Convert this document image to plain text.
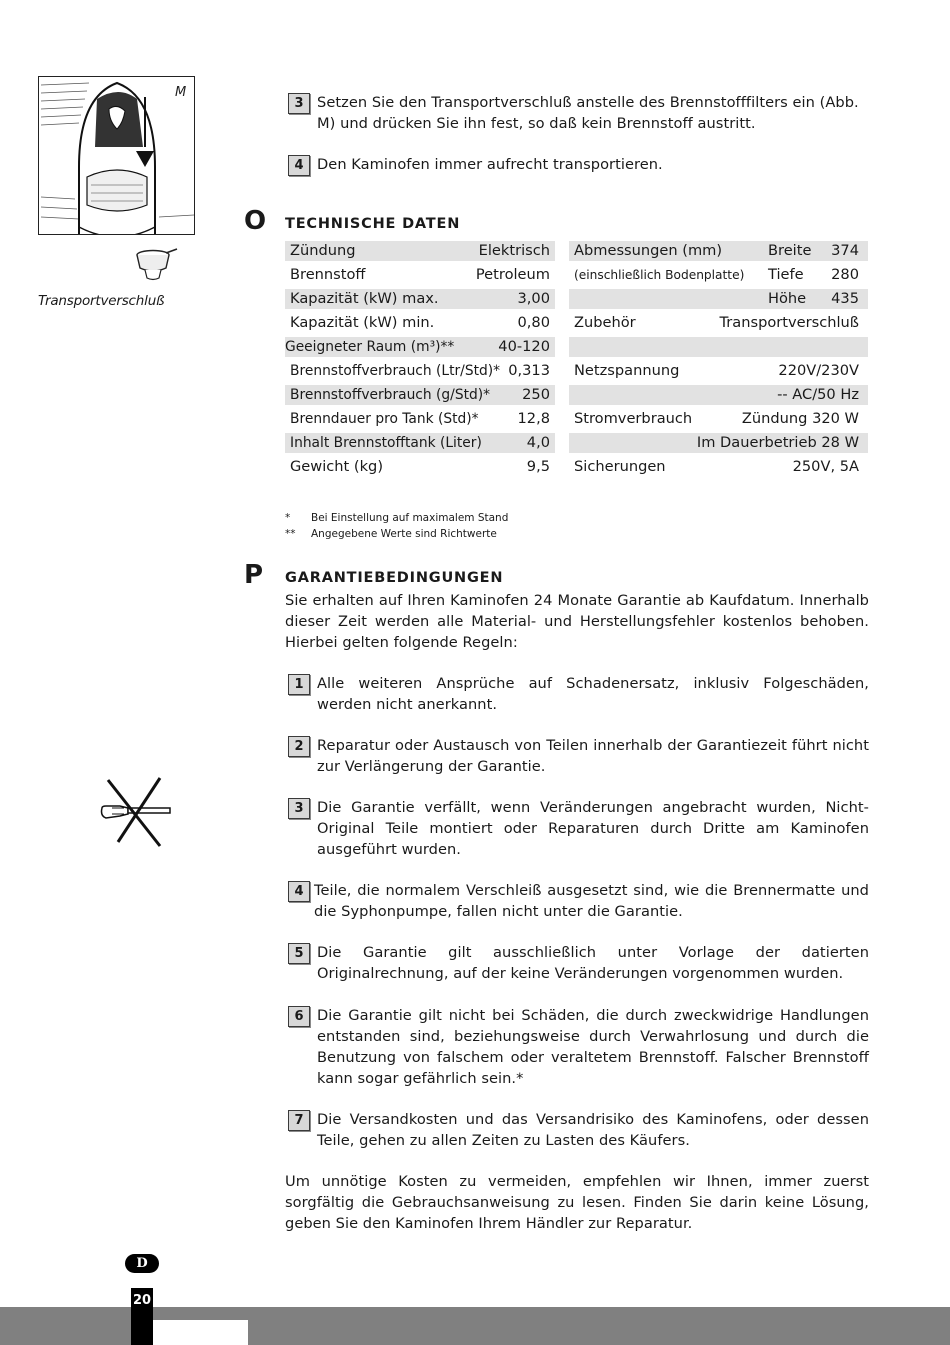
M
Transportverschluß
3 Setzen Sie den Transportverschluß anstelle des Brennstofffilters ein (Abb. M) und drücken Sie ihn fest, so daß kein Brennstoff austritt.
4 Den Kaminofen immer aufrecht transportieren.
O TECHNISCHE DATEN
Zündung	Elektrisch
Brennstoff	Petroleum
Kapazität (kW) max.	3,00
Kapazität (kW) min.	0,80
Geeigneter Raum (m³)**	40-120
Brennstoffverbrauch (Ltr/Std)* 0,313
Brennstoffverbrauch (g/Std)* 250
Brenndauer pro Tank (Std)*	12,8
Inhalt Brennstofftank (Liter)	4,0
Gewicht (kg)	9,5
Abmessungen (mm)	Breite 374
(einschließlich Bodenplatte) Tiefe 280
Höhe 435
Zubehör	Transportverschluß
Netzspannung	220V/230V
-- AC/50 Hz
Stromverbrauch	Zündung 320 W
Im Dauerbetrieb 28 W
Sicherungen	250V, 5A
* Bei Einstellung auf maximalem Stand
** Angegebene Werte sind Richtwerte
P GARANTIEBEDINGUNGEN
Sie erhalten auf Ihren Kaminofen 24 Monate Garantie ab Kaufdatum. Innerhalb dieser Zeit werden alle Material- und Herstellungsfehler kostenlos behoben. Hierbei gelten folgende Regeln:
1 Alle weiteren Ansprüche auf Schadenersatz, inklusiv Folgeschäden, werden nicht anerkannt.
2 Reparatur oder Austausch von Teilen innerhalb der Garantiezeit führt nicht zur Verlängerung der Garantie.
3 Die Garantie verfällt, wenn Veränderungen angebracht wurden, Nicht-Original Teile montiert oder Reparaturen durch Dritte am Kaminofen ausgeführt wurden.
4 Teile, die normalem Verschleiß ausgesetzt sind, wie die Brennermatte und die Syphonpumpe, fallen nicht unter die Garantie.
5 Die Garantie gilt ausschließlich unter Vorlage der datierten Originalrechnung, auf der keine Veränderungen vorgenommen wurden.
6 Die Garantie gilt nicht bei Schäden, die durch zweckwidrige Handlungen entstanden sind, beziehungsweise durch Verwahrlosung und durch die Benutzung von falschem oder veraltetem Brennstoff. Falscher Brennstoff kann sogar gefährlich sein.*
7 Die Versandkosten und das Versandrisiko des Kaminofens, oder dessen Teile, gehen zu allen Zeiten zu Lasten des Käufers.
Um unnötige Kosten zu vermeiden, empfehlen wir Ihnen, immer zuerst sorgfältig die Gebrauchsanweisung zu lesen. Finden Sie darin keine Lösung, geben Sie den Kaminofen Ihrem Händler zur Reparatur.
D
20
